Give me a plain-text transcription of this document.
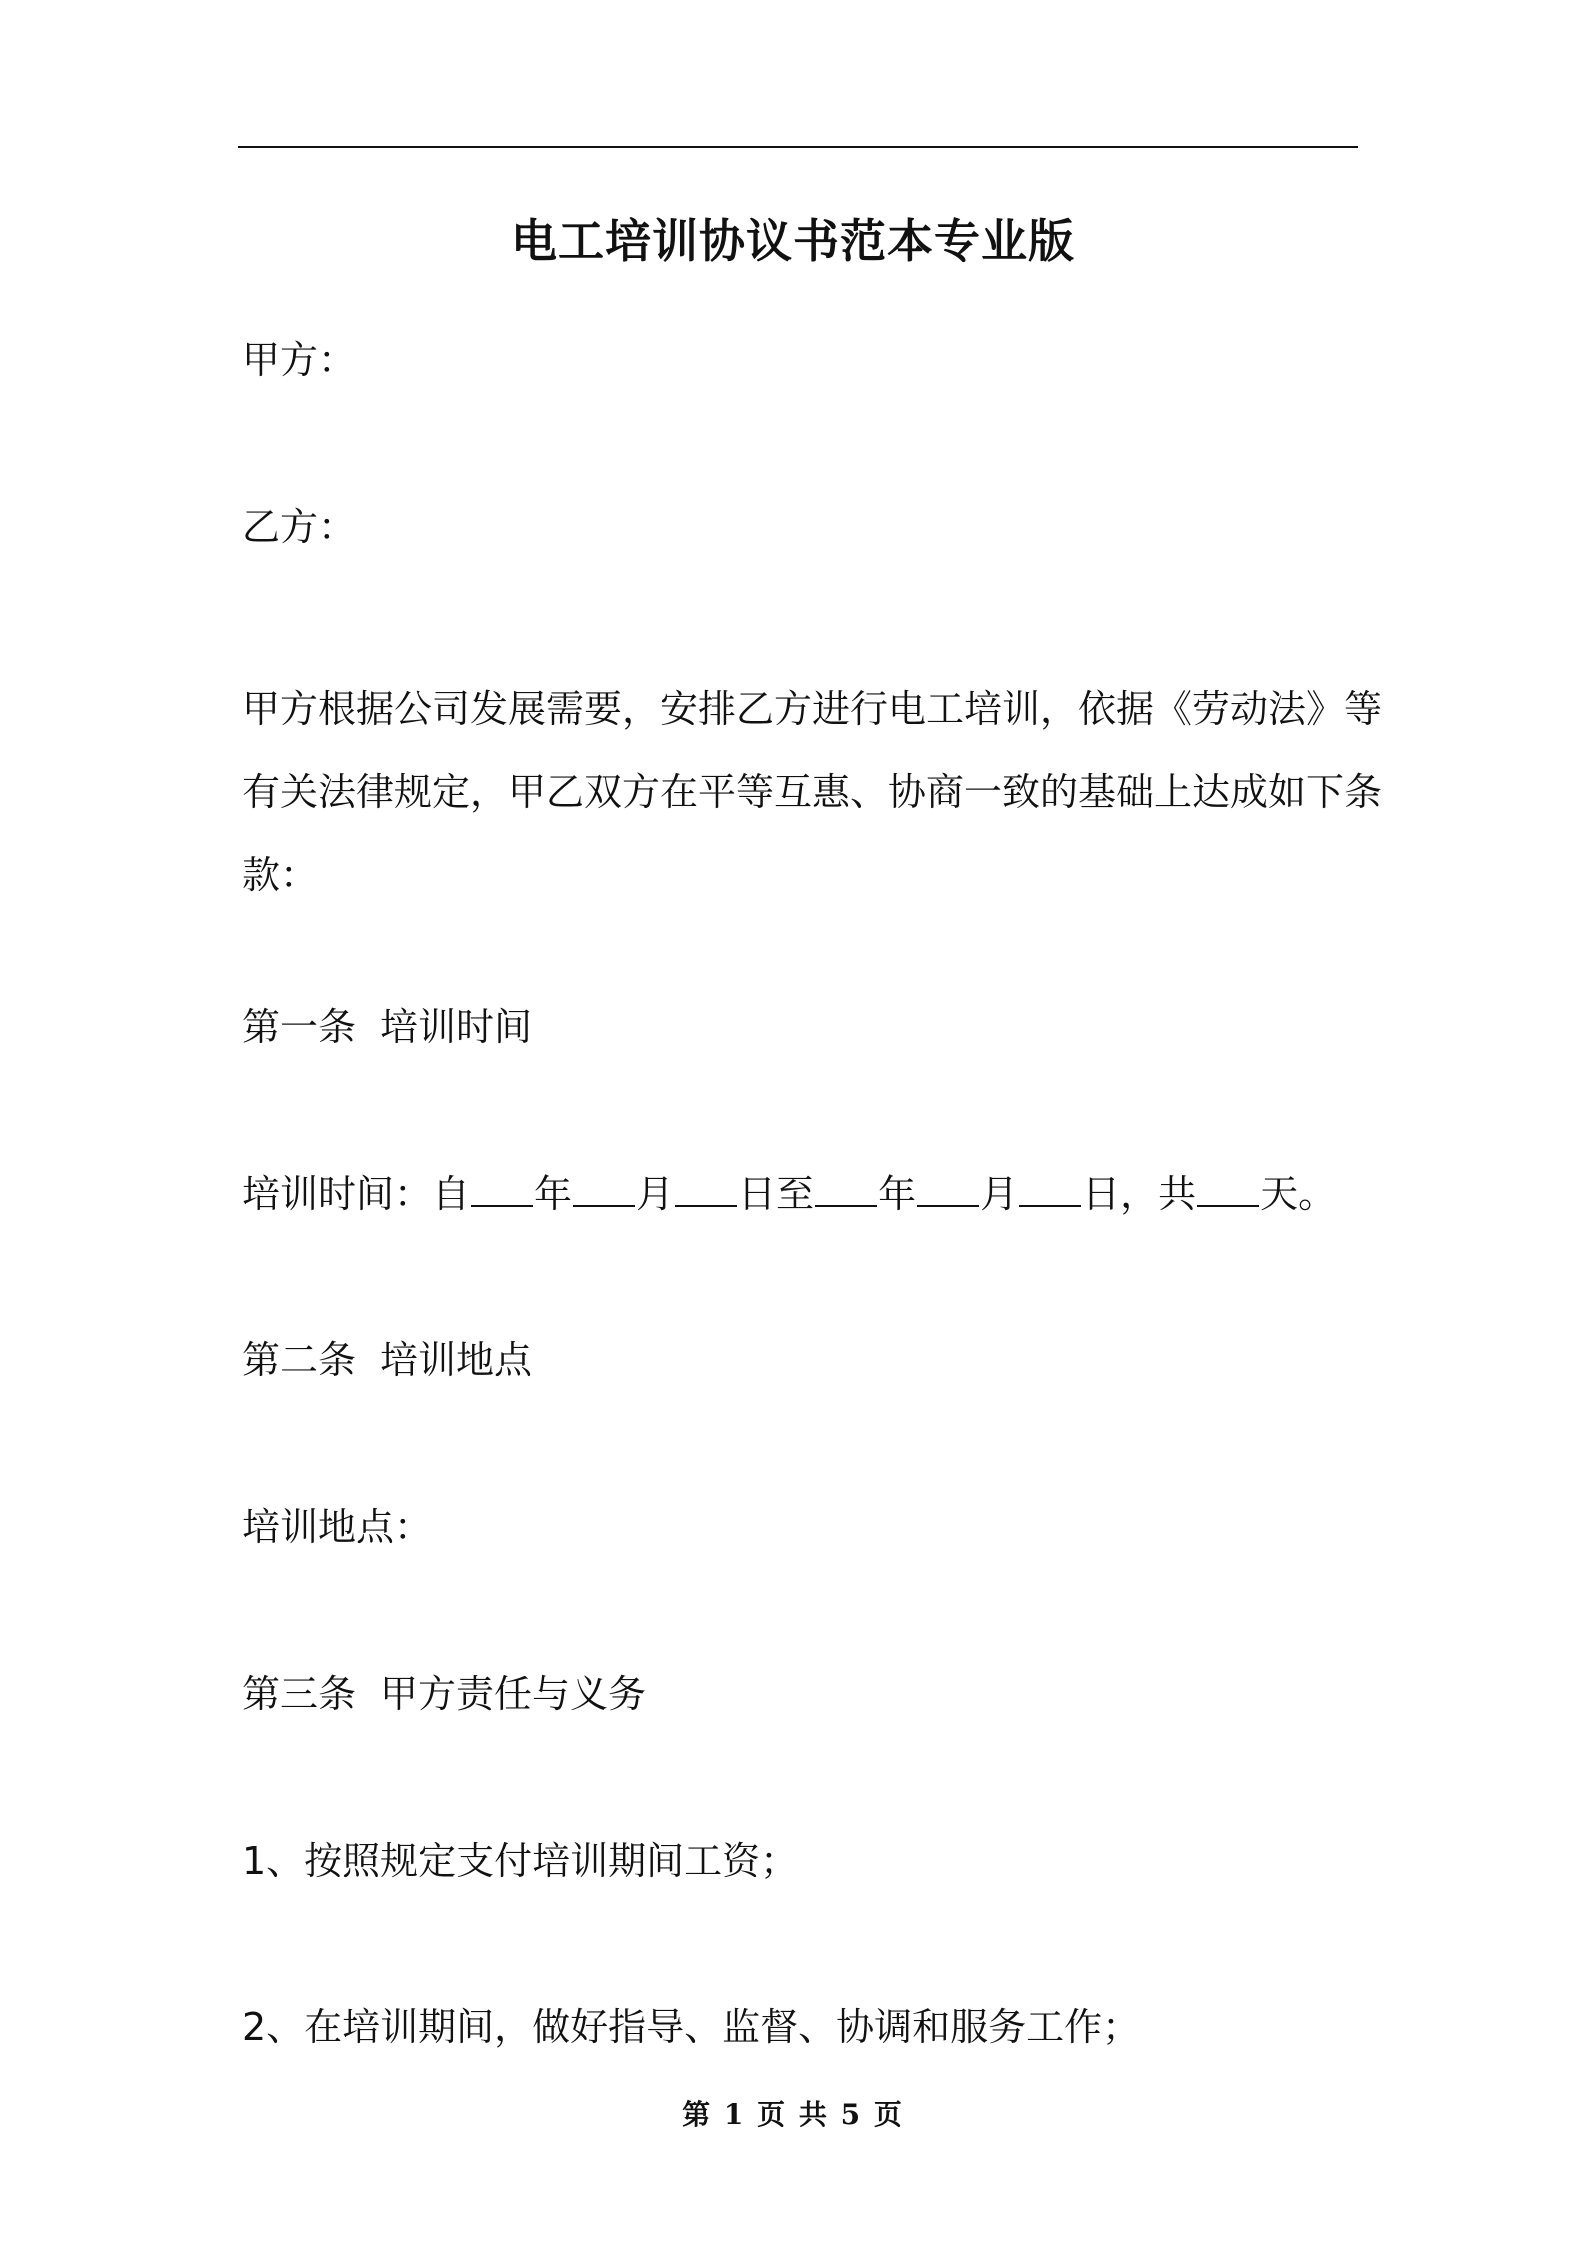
电工培训协议书范本专业版
甲方：
乙方：
甲方根据公司发展需要，安排乙方进行电工培训，依据《劳动法》等
有关法律规定，甲乙双方在平等互惠、协商一致的基础上达成如下条
款：
第一条 培训时间
培训时间：自 年 月 日至 年 月 日，共 天。
第二条 培训地点
培训地点：
第三条 甲方责任与义务
1、按照规定支付培训期间工资；
2、在培训期间，做好指导、监督、协调和服务工作；
第 1 页 共 5 页
